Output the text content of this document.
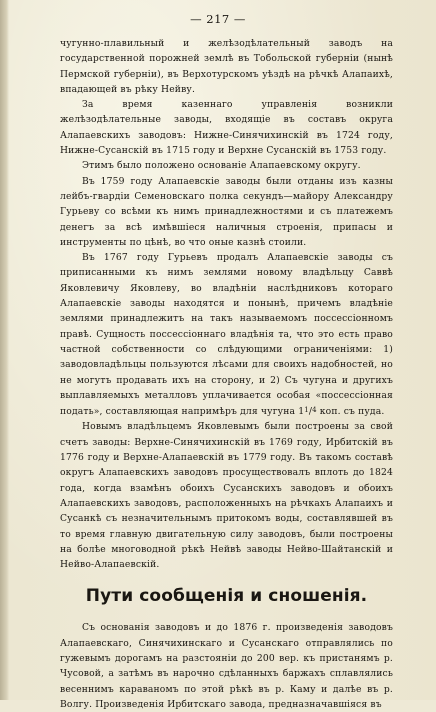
— 217 —

чугунно-плавильный и желѣзодѣлательный заводъ на государственной порожней землѣ въ Тобольской губерніи (нынѣ Пермской губерніи), въ Верхотурскомъ уѣздѣ на рѣчкѣ Алапаихѣ, впадающей въ рѣку Нейву.

За время казеннаго управленія возникли желѣзодѣлательные заводы, входящіе въ составъ округа Алапаевскихъ заводовъ: Нижне-Синячихинскій въ 1724 году, Нижне-Сусанскій въ 1715 году и Верхне Сусанскій въ 1753 году.

Этимъ было положено основаніе Алапаевскому округу.

Въ 1759 году Алапаевскіе заводы были отданы изъ казны лейбъ-гвардіи Семеновскаго полка секундъ—майору Александру Гурьеву со всѣми къ нимъ принадлежностями и съ платежемъ денегъ за всѣ имѣвшіеся наличныя строенія, припасы и инструменты по цѣнѣ, во что оные казнѣ стоили.

Въ 1767 году Гурьевъ продалъ Алапаевскіе заводы съ приписанными къ нимъ землями новому владѣльцу Саввѣ Яковлевичу Яковлеву, во владѣніи наслѣдниковъ котораго Алапаевскіе заводы находятся и понынѣ, причемъ владѣніе землями принадлежитъ на такъ называемомъ поссессіонномъ правѣ. Сущность поссессіоннаго владѣнія та, что это есть право частной собственности со слѣдующими ограниченіями: 1) заводовладѣльцы пользуются лѣсами для своихъ надобностей, но не могутъ продавать ихъ на сторону, и 2) Съ чугуна и другихъ выплавляемыхъ металловъ уплачивается особая «поссессіонная подать», составляющая напримѣръ для чугуна $1^1/^4$ коп. съ пуда.

Новымъ владѣльцемъ Яковлевымъ были построены за свой счетъ заводы: Верхне-Синячихинскій въ 1769 году, Ирбитскій въ 1776 году и Верхне-Алапаевскій въ 1779 году. Въ такомъ составѣ округъ Алапаевскихъ заводовъ просуществовалъ вплоть до 1824 года, когда взамѣнъ обоихъ Сусанскихъ заводовъ и обоихъ Алапаевскихъ заводовъ, расположенныхъ на рѣчкахъ Алапаихъ и Сусанкѣ съ незначительнымъ притокомъ воды, составлявшей въ то время главную двигательную силу заводовъ, были построены на болѣе многоводной рѣкѣ Нейвѣ заводы Нейво-Шайтанскій и Нейво-Алапаевскій.

Пути сообщенія и сношенія.

Съ основанія заводовъ и до 1876 г. произведенія заводовъ Алапаевскаго, Синячихинскаго и Сусанскаго отправлялись по гужевымъ дорогамъ на разстояніи до 200 вер. къ пристанямъ р. Чусовой, а затѣмъ въ нарочно сдѣланныхъ баржахъ сплавлялись весеннимъ караваномъ по этой рѣкѣ въ р. Каму и далѣе въ р. Волгу. Произведенія Ирбитскаго завода, предназначавшіяся въ
